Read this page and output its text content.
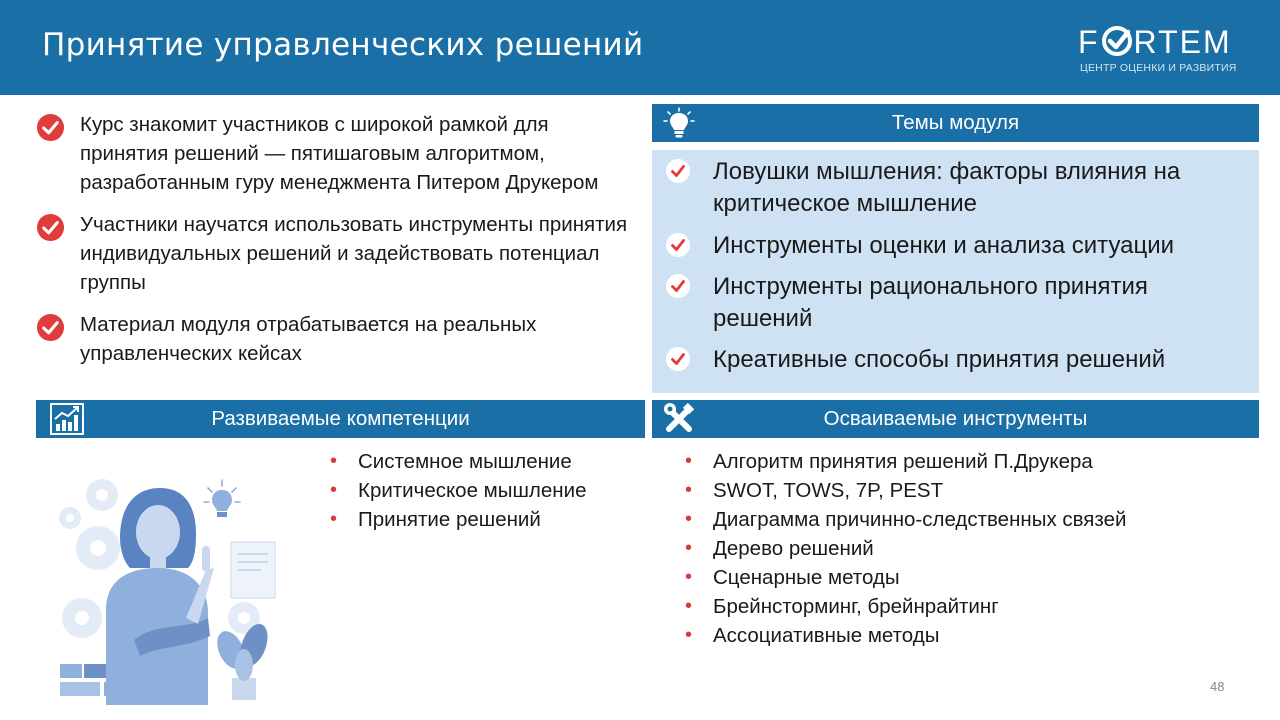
Принятие управленческих решений	F RTEM
ЦЕНТР ОЦЕНКИ И РАЗВИТИЯ
Курс знакомит участников с широкой рамкой для принятия решений — пятишаговым алгоритмом, разработанным гуру менеджмента Питером Друкером
Участники научатся использовать инструменты принятия индивидуальных решений и задействовать потенциал группы
Материал модуля отрабатывается на реальных управленческих кейсах
Темы модуля
Ловушки мышления: факторы влияния на критическое мышление
Инструменты оценки и анализа ситуации
Инструменты рационального принятия решений
Креативные способы принятия решений
Развиваемые компетенции	Осваиваемые инструменты
• Системное мышление
• Критическое мышление
• Принятие решений
• Алгоритм принятия решений П.Друкера
• SWOT, TOWS, 7P, PEST
• Диаграмма причинно-следственных связей
• Дерево решений
• Сценарные методы
• Брейнсторминг, брейнрайтинг
• Ассоциативные методы
48
